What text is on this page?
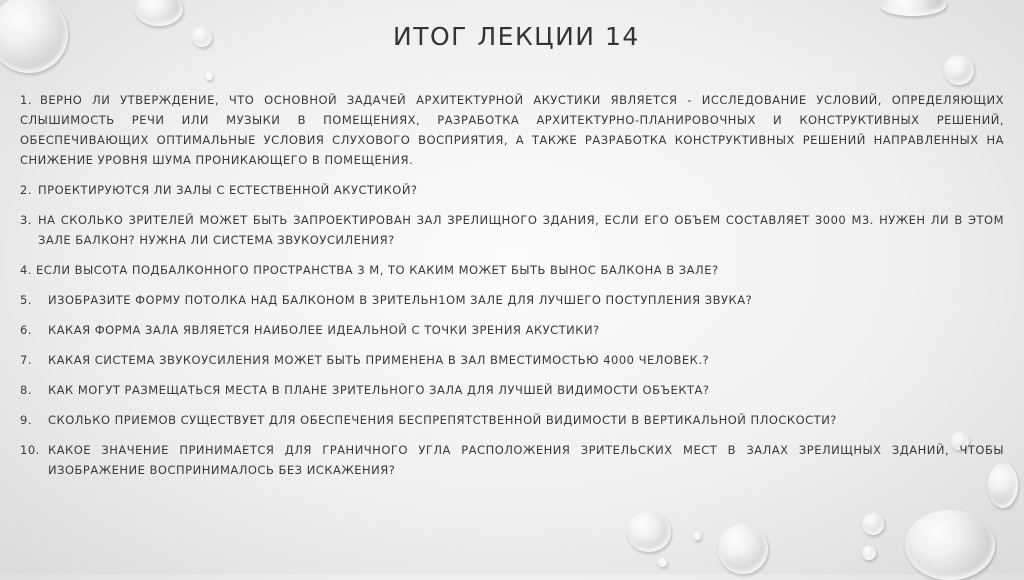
ИТОГ ЛЕКЦИИ 14
1. ВЕРНО ЛИ УТВЕРЖДЕНИЕ, ЧТО ОСНОВНОЙ ЗАДАЧЕЙ АРХИТЕКТУРНОЙ АКУСТИКИ ЯВЛЯЕТСЯ - ИССЛЕДОВАНИЕ УСЛОВИЙ, ОПРЕДЕЛЯЮЩИХ СЛЫШИМОСТЬ РЕЧИ ИЛИ МУЗЫКИ В ПОМЕЩЕНИЯХ, РАЗРАБОТКА АРХИТЕКТУРНО-ПЛАНИРОВОЧНЫХ И КОНСТРУКТИВНЫХ РЕШЕНИЙ, ОБЕСПЕЧИВАЮЩИХ ОПТИМАЛЬНЫЕ УСЛОВИЯ СЛУХОВОГО ВОСПРИЯТИЯ, А ТАКЖЕ РАЗРАБОТКА КОНСТРУКТИВНЫХ РЕШЕНИЙ НАПРАВЛЕННЫХ НА СНИЖЕНИЕ УРОВНЯ ШУМА ПРОНИКАЮЩЕГО В ПОМЕЩЕНИЯ.
2. ПРОЕКТИРУЮТСЯ ЛИ ЗАЛЫ С ЕСТЕСТВЕННОЙ АКУСТИКОЙ?
3. НА СКОЛЬКО ЗРИТЕЛЕЙ МОЖЕТ БЫТЬ ЗАПРОЕКТИРОВАН ЗАЛ ЗРЕЛИЩНОГО ЗДАНИЯ, ЕСЛИ ЕГО ОБЪЕМ СОСТАВЛЯЕТ 3000 М3. НУЖЕН ЛИ В ЭТОМ ЗАЛЕ БАЛКОН? НУЖНА ЛИ СИСТЕМА ЗВУКОУСИЛЕНИЯ?
4. ЕСЛИ ВЫСОТА ПОДБАЛКОННОГО ПРОСТРАНСТВА 3 М, ТО КАКИМ МОЖЕТ БЫТЬ ВЫНОС БАЛКОНА В ЗАЛЕ?
5.	ИЗОБРАЗИТЕ ФОРМУ ПОТОЛКА НАД БАЛКОНОМ В ЗРИТЕЛЬН1ОМ ЗАЛЕ ДЛЯ ЛУЧШЕГО ПОСТУПЛЕНИЯ ЗВУКА?
6.	КАКАЯ ФОРМА ЗАЛА ЯВЛЯЕТСЯ НАИБОЛЕЕ ИДЕАЛЬНОЙ С ТОЧКИ ЗРЕНИЯ АКУСТИКИ?
7.	КАКАЯ СИСТЕМА ЗВУКОУСИЛЕНИЯ МОЖЕТ БЫТЬ ПРИМЕНЕНА В ЗАЛ ВМЕСТИМОСТЬЮ 4000 ЧЕЛОВЕК.?
8.	КАК МОГУТ РАЗМЕЩАТЬСЯ МЕСТА В ПЛАНЕ ЗРИТЕЛЬНОГО ЗАЛА ДЛЯ ЛУЧШЕЙ ВИДИМОСТИ ОБЪЕКТА?
9.	СКОЛЬКО ПРИЕМОВ СУЩЕСТВУЕТ ДЛЯ ОБЕСПЕЧЕНИЯ БЕСПРЕПЯТСТВЕННОЙ ВИДИМОСТИ В ВЕРТИКАЛЬНОЙ ПЛОСКОСТИ?
10. КАКОЕ ЗНАЧЕНИЕ ПРИНИМАЕТСЯ ДЛЯ ГРАНИЧНОГО УГЛА РАСПОЛОЖЕНИЯ ЗРИТЕЛЬСКИХ МЕСТ В ЗАЛАХ ЗРЕЛИЩНЫХ ЗДАНИЙ, ЧТОБЫ ИЗОБРАЖЕНИЕ ВОСПРИНИМАЛОСЬ БЕЗ ИСКАЖЕНИЯ?
